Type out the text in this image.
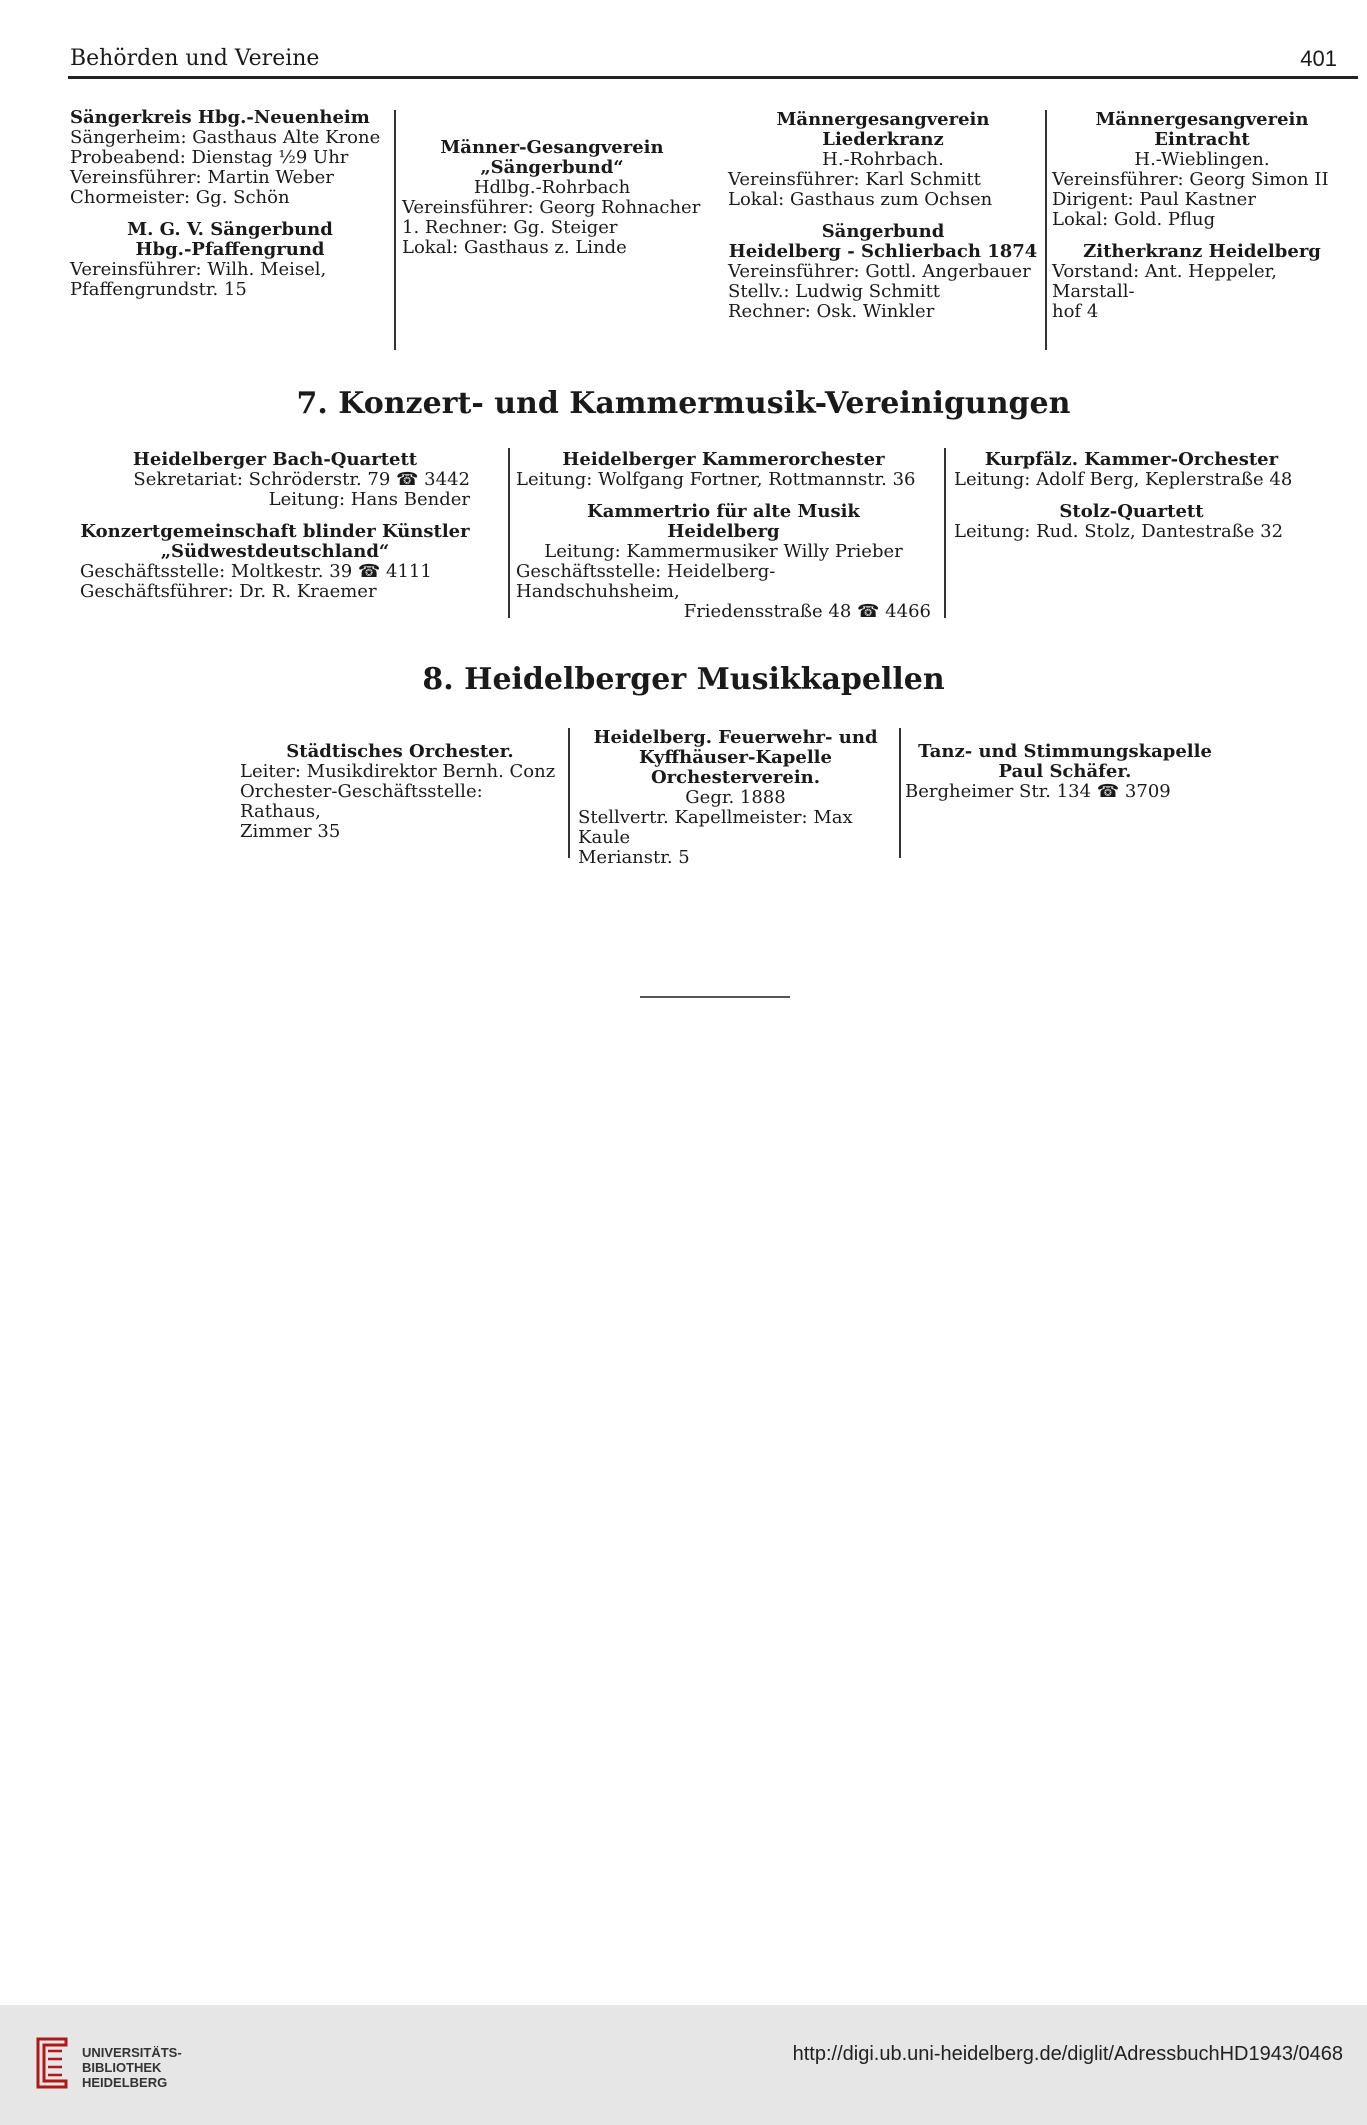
Behörden und Vereine	401

Sängerkreis Hbg.-Neuenheim

Sängerheim: Gasthaus Alte Krone

Probeabend: Dienstag ½9 Uhr

Vereinsführer: Martin Weber

Chormeister: Gg. Schön

M. G. V. Sängerbund

Hbg.-Pfaffengrund

Vereinsführer: Wilh. Meisel,

Pfaffengrundstr. 15

Männer-Gesangverein

„Sängerbund“

Hdlbg.-Rohrbach

Vereinsführer: Georg Rohnacher

1. Rechner: Gg. Steiger

Lokal: Gasthaus z. Linde

Männergesangverein

Liederkranz

H.-Rohrbach.

Vereinsführer: Karl Schmitt

Lokal: Gasthaus zum Ochsen

Sängerbund

Heidelberg - Schlierbach 1874

Vereinsführer: Gottl. Angerbauer

Stellv.: Ludwig Schmitt

Rechner: Osk. Winkler

Männergesangverein

Eintracht

H.-Wieblingen.

Vereinsführer: Georg Simon II

Dirigent: Paul Kastner

Lokal: Gold. Pflug

Zitherkranz Heidelberg

Vorstand: Ant. Heppeler, Marstall-

hof 4

7. Konzert- und Kammermusik-Vereinigungen

Heidelberger Bach-Quartett

Sekretariat: Schröderstr. 79 ☎ 3442

Leitung: Hans Bender

Konzertgemeinschaft blinder Künstler

„Südwestdeutschland“

Geschäftsstelle: Moltkestr. 39 ☎ 4111

Geschäftsführer: Dr. R. Kraemer

Heidelberger Kammerorchester

Leitung: Wolfgang Fortner, Rottmannstr. 36

Kammertrio für alte Musik

Heidelberg

Leitung: Kammermusiker Willy Prieber

Geschäftsstelle: Heidelberg-Handschuhsheim,

Friedensstraße 48 ☎ 4466

Kurpfälz. Kammer-Orchester

Leitung: Adolf Berg, Keplerstraße 48

Stolz-Quartett

Leitung: Rud. Stolz, Dantestraße 32

8. Heidelberger Musikkapellen

Städtisches Orchester.

Leiter: Musikdirektor Bernh. Conz

Orchester-Geschäftsstelle: Rathaus,

Zimmer 35

Heidelberg. Feuerwehr- und

Kyffhäuser-Kapelle

Orchesterverein.

Gegr. 1888

Stellvertr. Kapellmeister: Max Kaule

Merianstr. 5

Tanz- und Stimmungskapelle

Paul Schäfer.

Bergheimer Str. 134 ☎ 3709

UNIVERSITÄTS-
BIBLIOTHEK
HEIDELBERG
http://digi.ub.uni-heidelberg.de/diglit/AdressbuchHD1943/0468
